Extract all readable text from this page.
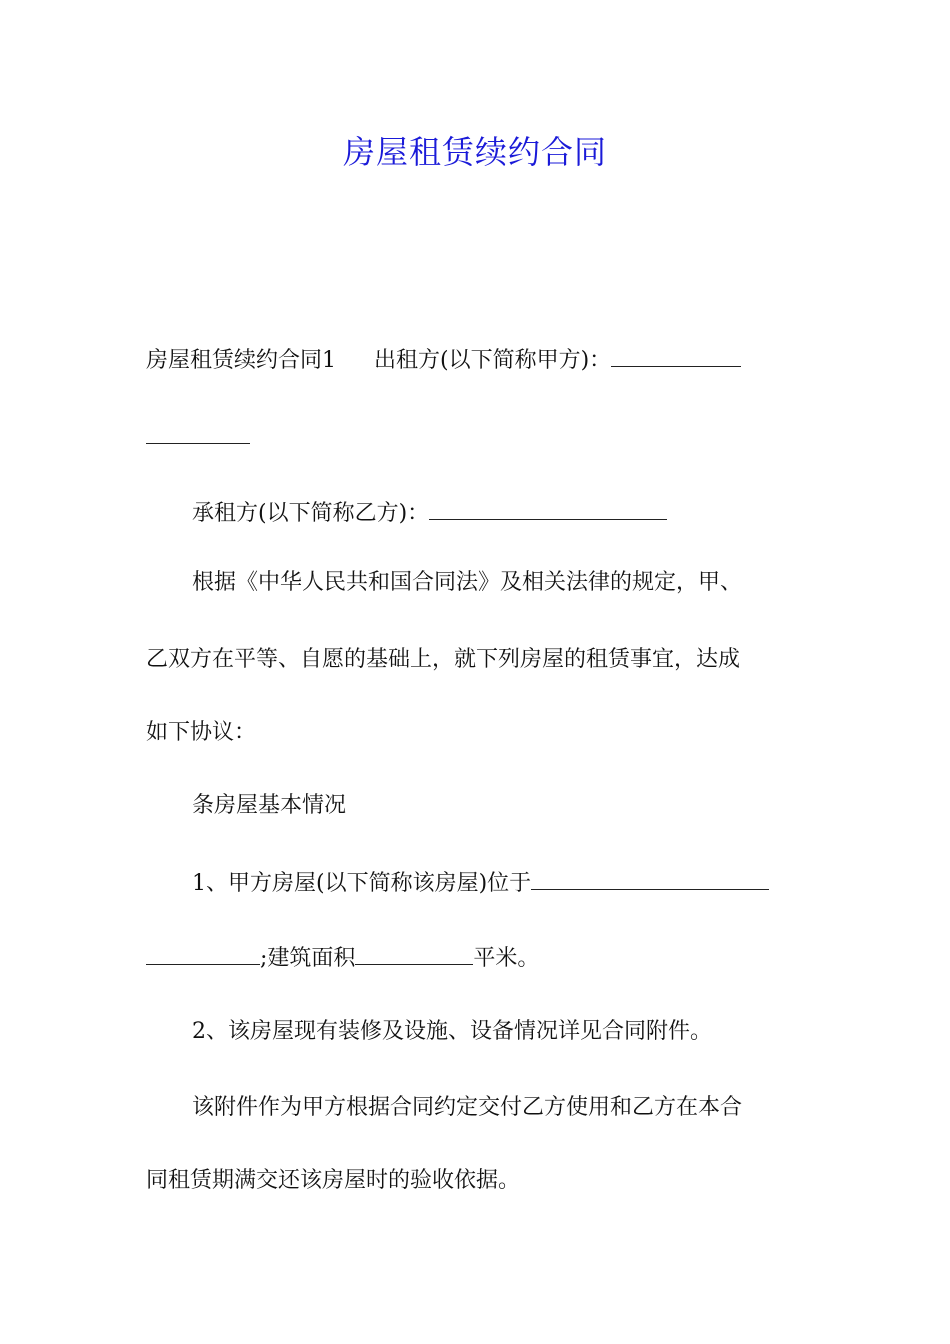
房屋租赁续约合同
房屋租赁续约合同1 出租方(以下简称甲方)：
承租方(以下简称乙方)：
根据《中华人民共和国合同法》及相关法律的规定，甲、
乙双方在平等、自愿的基础上，就下列房屋的租赁事宜，达成
如下协议：
条房屋基本情况
1、甲方房屋(以下简称该房屋)位于
;建筑面积	平米。
2、该房屋现有装修及设施、设备情况详见合同附件。
该附件作为甲方根据合同约定交付乙方使用和乙方在本合
同租赁期满交还该房屋时的验收依据。
